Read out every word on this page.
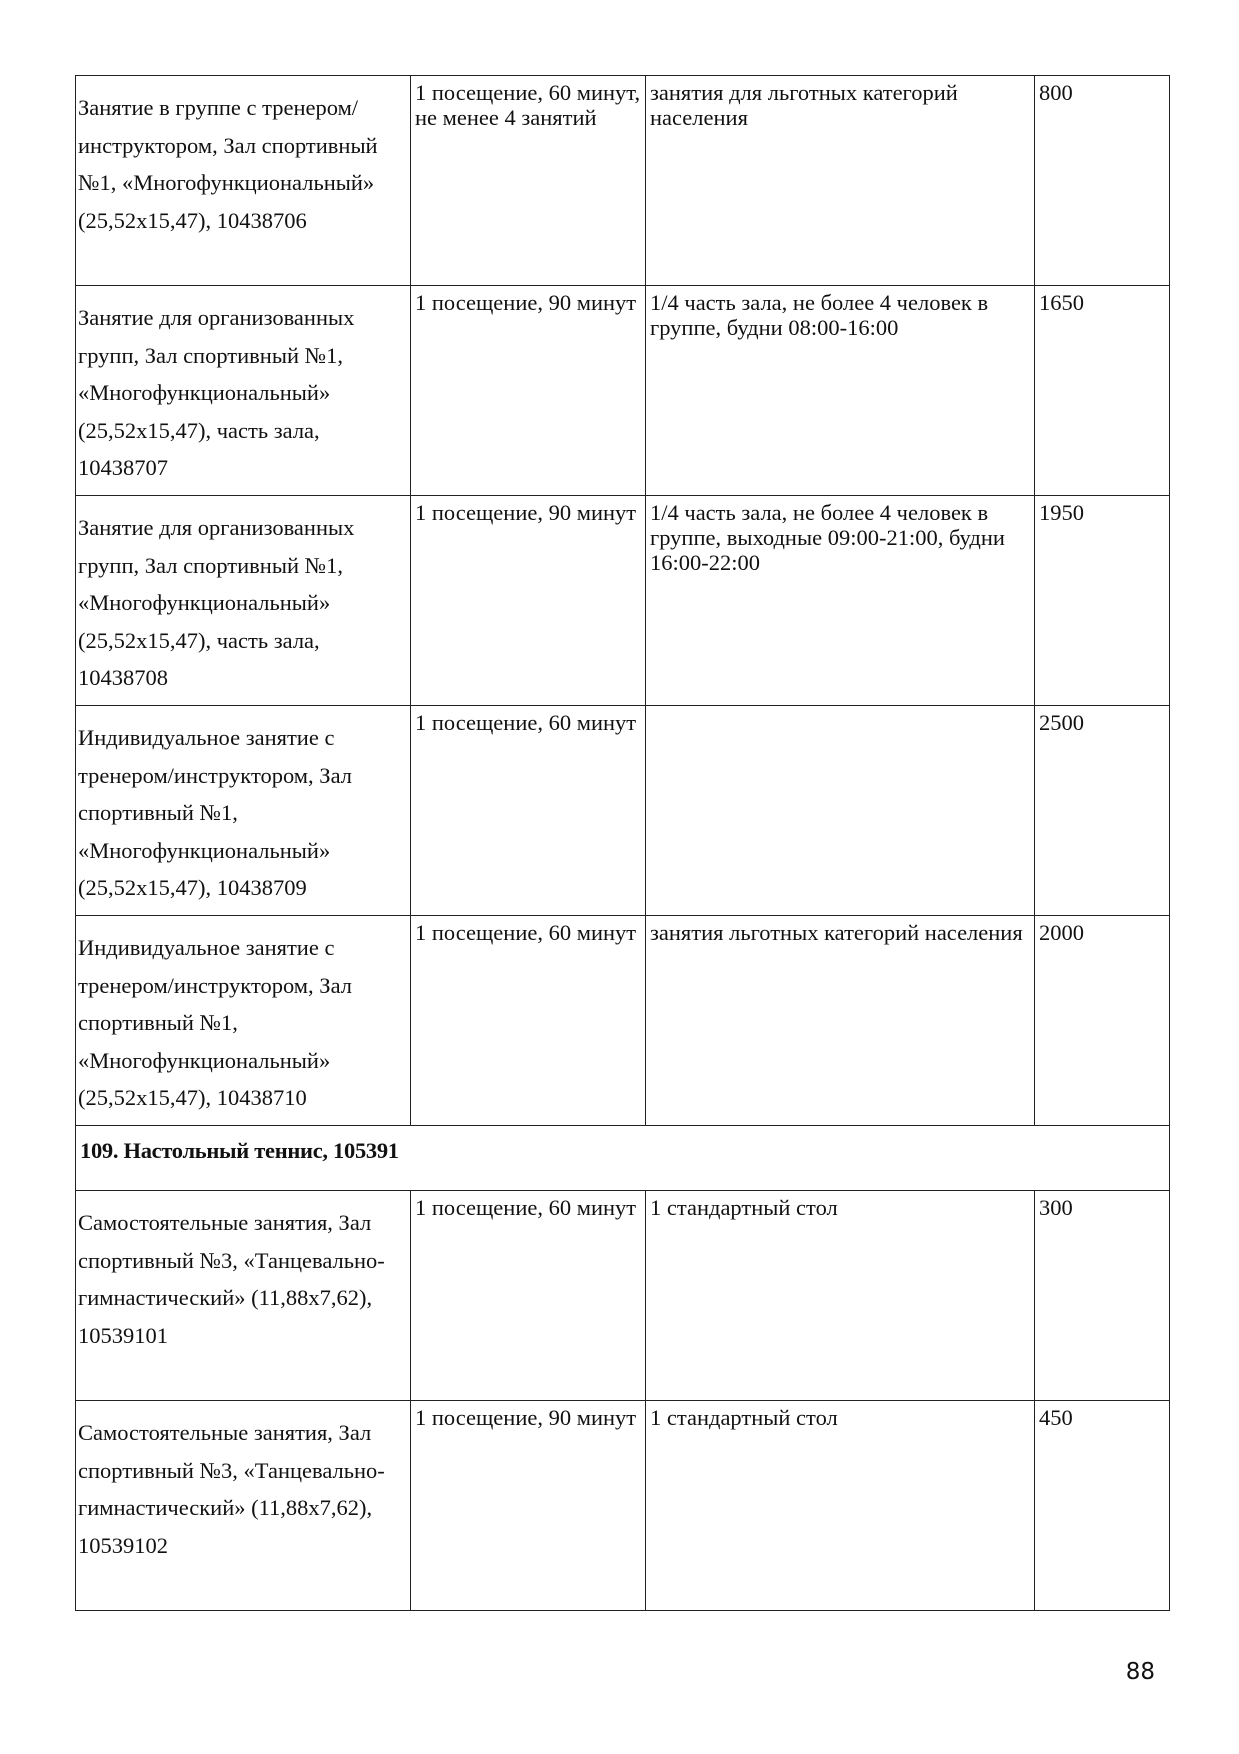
Занятие в группе с тренером/инструктором, Зал спортивный №1, «Многофункциональный» (25,52x15,47), 10438706	1 посещение, 60 минут, не менее 4 занятий	занятия для льготных категорий населения	800
Занятие для организованных групп, Зал спортивный №1, «Многофункциональный» (25,52x15,47), часть зала, 10438707	1 посещение, 90 минут	1/4 часть зала, не более 4 человек в группе, будни 08:00-16:00	1650
Занятие для организованных групп, Зал спортивный №1, «Многофункциональный» (25,52x15,47), часть зала, 10438708	1 посещение, 90 минут	1/4 часть зала, не более 4 человек в группе, выходные 09:00-21:00, будни 16:00-22:00	1950
Индивидуальное занятие с тренером/инструктором, Зал спортивный №1, «Многофункциональный» (25,52x15,47), 10438709	1 посещение, 60 минут		2500
Индивидуальное занятие с тренером/инструктором, Зал спортивный №1, «Многофункциональный» (25,52x15,47), 10438710	1 посещение, 60 минут	занятия льготных категорий населения	2000
109. Настольный теннис, 105391			
Самостоятельные занятия, Зал спортивный №3, «Танцевально-гимнастический» (11,88x7,62), 10539101	1 посещение, 60 минут	1 стандартный стол	300
Самостоятельные занятия, Зал спортивный №3, «Танцевально-гимнастический» (11,88x7,62), 10539102	1 посещение, 90 минут	1 стандартный стол	450
88
